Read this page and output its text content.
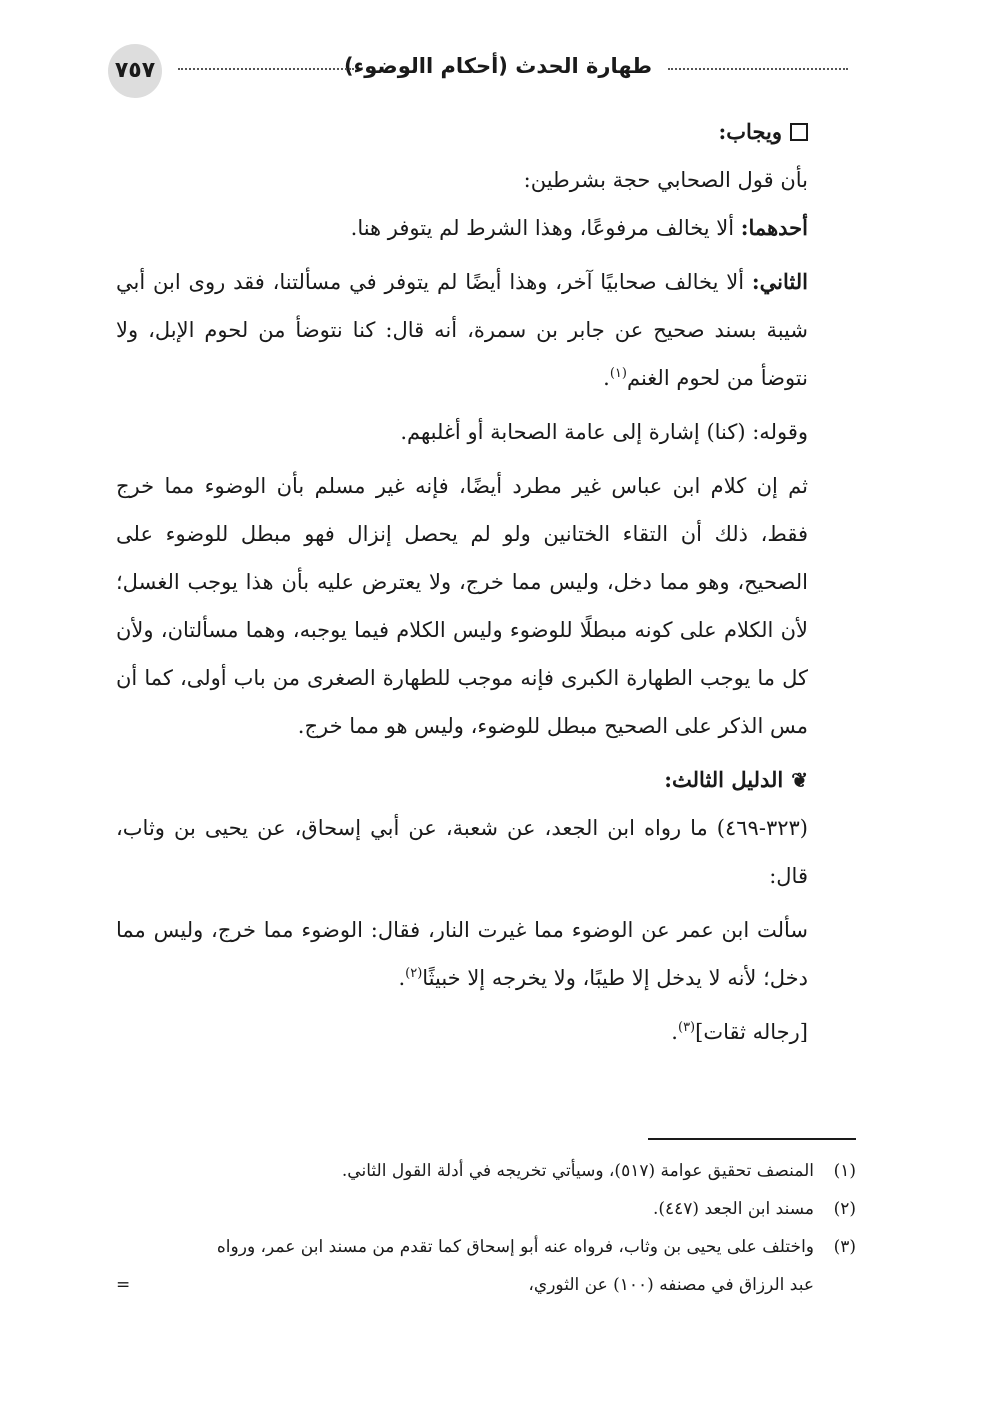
طهارة الحدث (أحكام االوضوء)
٧٥٧

ويجاب:

بأن قول الصحابي حجة بشرطين:

أحدهما: ألا يخالف مرفوعًا، وهذا الشرط لم يتوفر هنا.

الثاني: ألا يخالف صحابيًا آخر، وهذا أيضًا لم يتوفر في مسألتنا، فقد روى ابن أبي شيبة بسند صحيح عن جابر بن سمرة، أنه قال: كنا نتوضأ من لحوم الإبل، ولا نتوضأ من لحوم الغنم$^{(١)}$.

وقوله: (كنا) إشارة إلى عامة الصحابة أو أغلبهم.

ثم إن كلام ابن عباس غير مطرد أيضًا، فإنه غير مسلم بأن الوضوء مما خرج فقط، ذلك أن التقاء الختانين ولو لم يحصل إنزال فهو مبطل للوضوء على الصحيح، وهو مما دخل، وليس مما خرج، ولا يعترض عليه بأن هذا يوجب الغسل؛ لأن الكلام على كونه مبطلًا للوضوء وليس الكلام فيما يوجبه، وهما مسألتان، ولأن كل ما يوجب الطهارة الكبرى فإنه موجب للطهارة الصغرى من باب أولى، كما أن مس الذكر على الصحيح مبطل للوضوء، وليس هو مما خرج.

❦
الدليل الثالث:

(٣٢٣-٤٦٩) ما رواه ابن الجعد، عن شعبة، عن أبي إسحاق، عن يحيى بن وثاب، قال:

سألت ابن عمر عن الوضوء مما غيرت النار، فقال: الوضوء مما خرج، وليس مما دخل؛ لأنه لا يدخل إلا طيبًا، ولا يخرجه إلا خبيثًا$^{(٢)}$.

[رجاله ثقات]$^{(٣)}$.

(١)
المنصف تحقيق عوامة (٥١٧)، وسيأتي تخريجه في أدلة القول الثاني.
(٢)
مسند ابن الجعد (٤٤٧).
(٣)
واختلف على يحيى بن وثاب، فرواه عنه أبو إسحاق كما تقدم من مسند ابن عمر، ورواه
عبد الرزاق في مصنفه (١٠٠) عن الثوري،
=
